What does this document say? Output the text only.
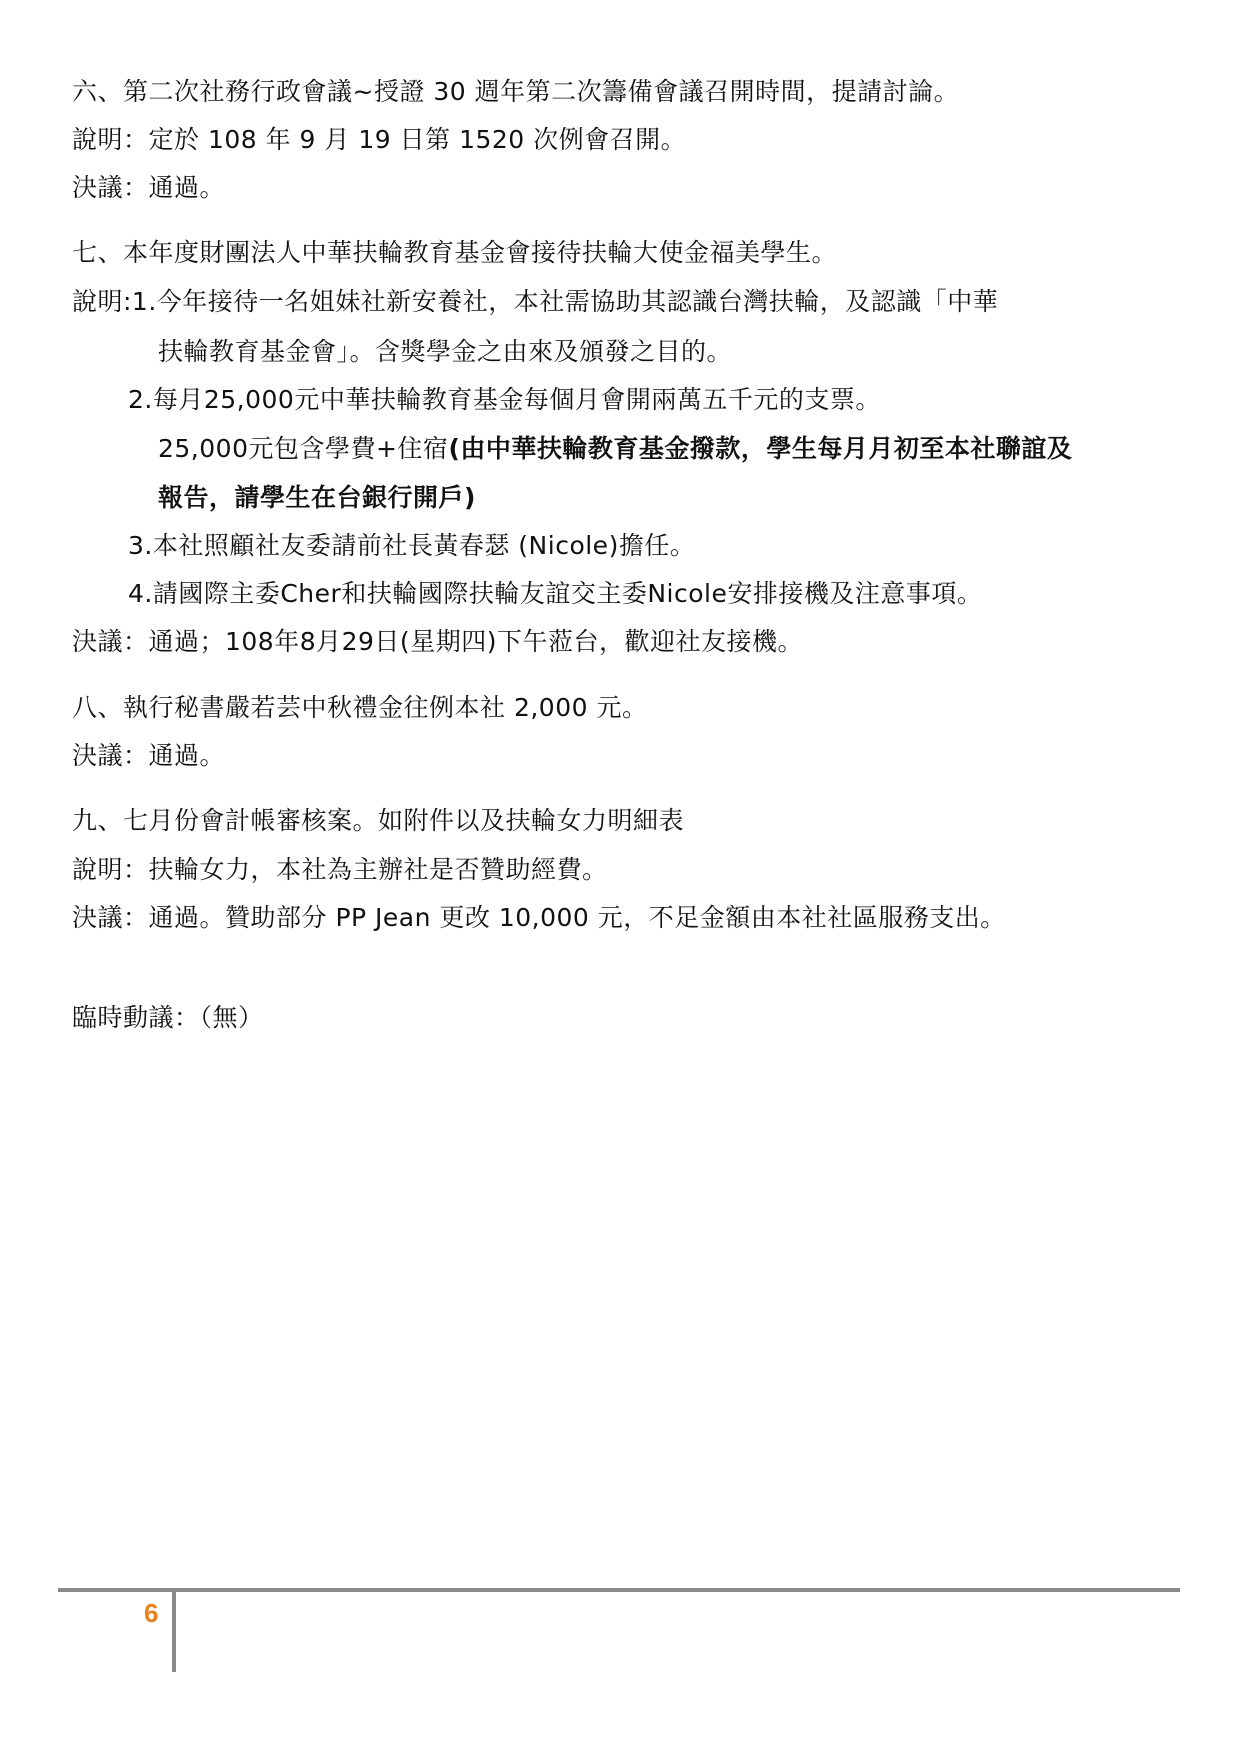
六、第二次社務行政會議~授證 30 週年第二次籌備會議召開時間，提請討論。
說明：定於 108 年 9 月 19 日第 1520 次例會召開。
決議：通過。
七、本年度財團法人中華扶輪教育基金會接待扶輪大使金福美學生。
說明:1.今年接待一名姐妹社新安養社，本社需協助其認識台灣扶輪，及認識「中華
扶輪教育基金會」。含獎學金之由來及頒發之目的。
2.每月25,000元中華扶輪教育基金每個月會開兩萬五千元的支票。
25,000元包含學費+住宿(由中華扶輪教育基金撥款，學生每月月初至本社聯誼及
報告，請學生在台銀行開戶)
3.本社照顧社友委請前社長黃春瑟 (Nicole)擔任。
4.請國際主委Cher和扶輪國際扶輪友誼交主委Nicole安排接機及注意事項。
決議：通過；108年8月29日(星期四)下午蒞台，歡迎社友接機。
八、執行秘書嚴若芸中秋禮金往例本社 2,000 元。
決議：通過。
九、七月份會計帳審核案。如附件以及扶輪女力明細表
說明：扶輪女力，本社為主辦社是否贊助經費。
決議：通過。贊助部分 PP Jean 更改 10,000 元，不足金額由本社社區服務支出。
臨時動議：（無）
6
